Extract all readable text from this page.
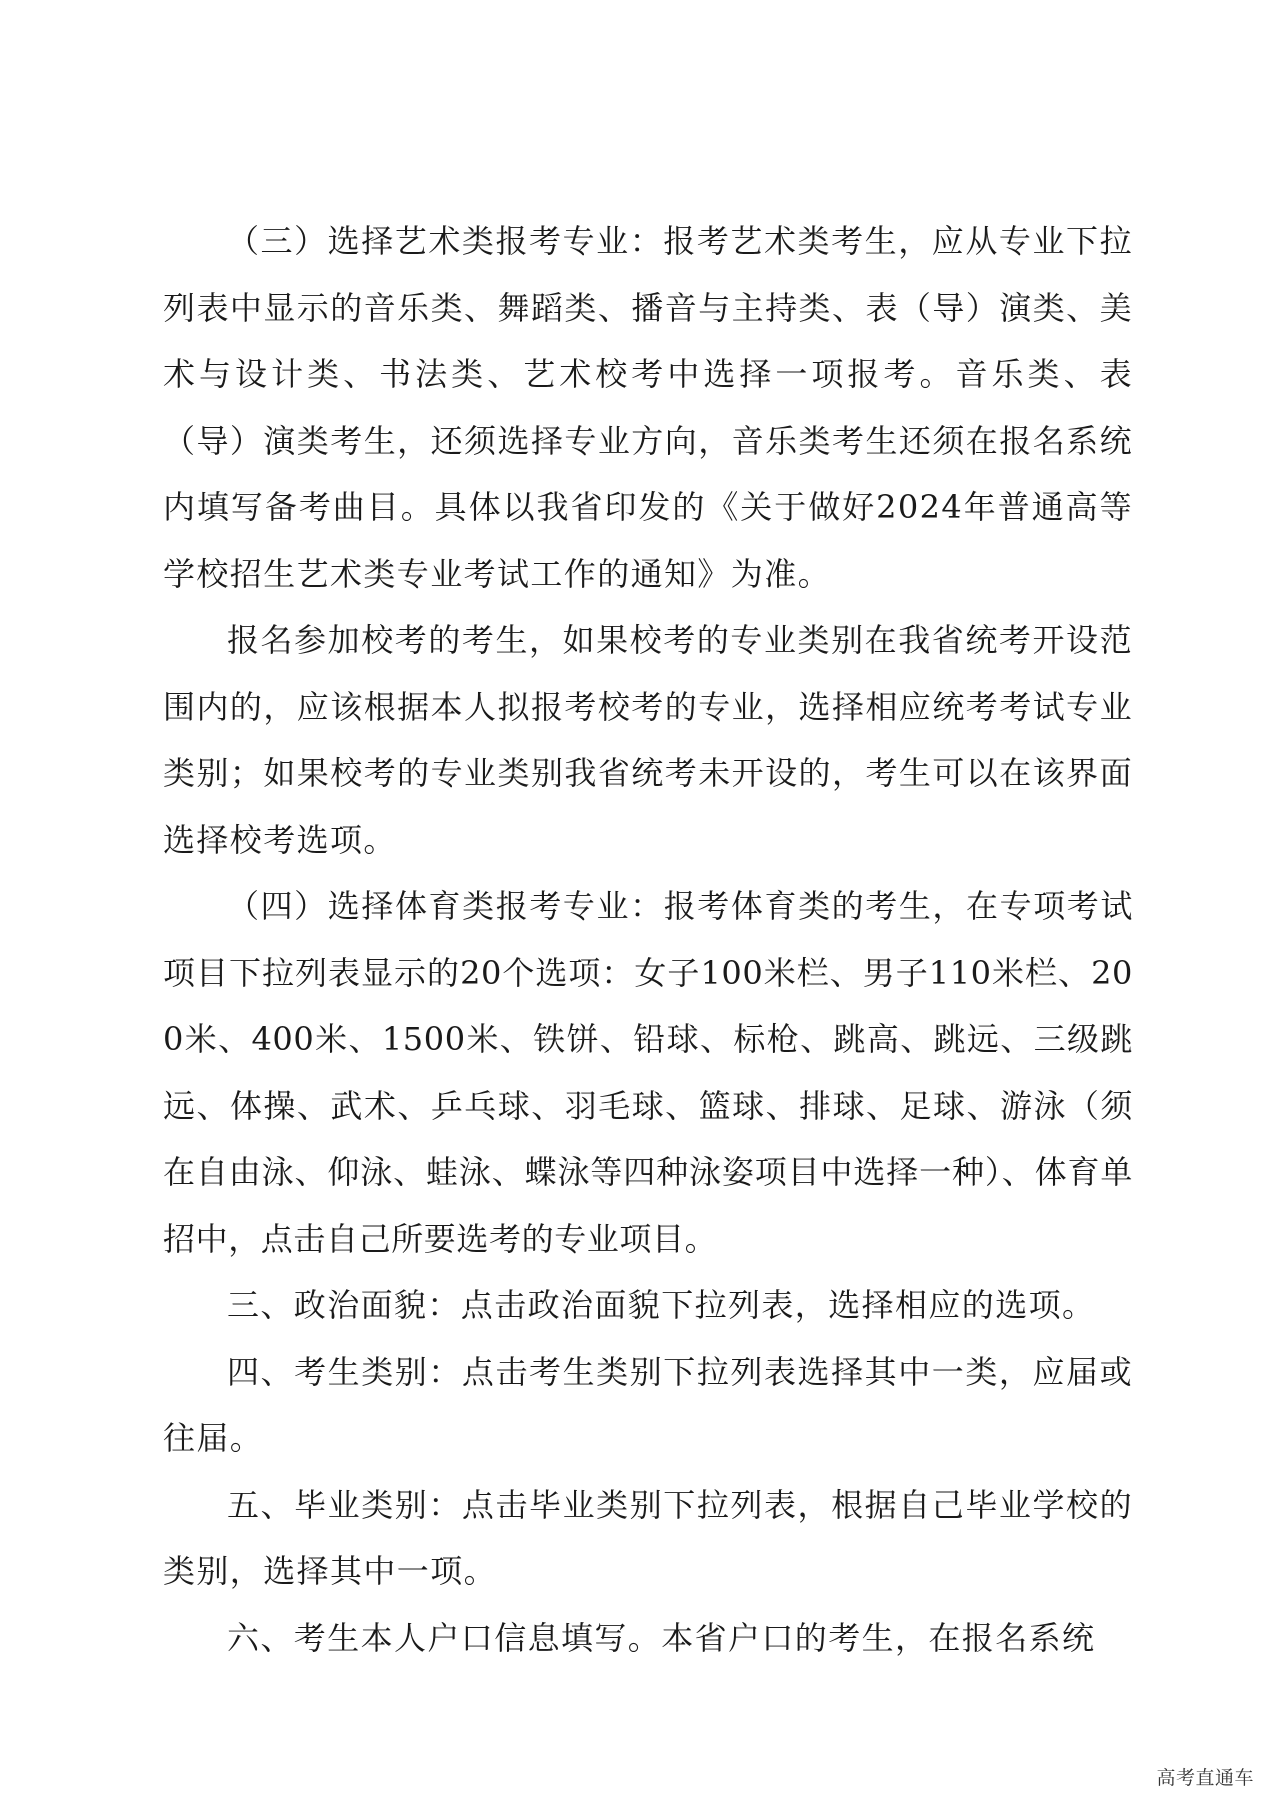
（三）选择艺术类报考专业：报考艺术类考生，应从专业下拉列表中显示的音乐类、舞蹈类、播音与主持类、表（导）演类、美术与设计类、书法类、艺术校考中选择一项报考。音乐类、表（导）演类考生，还须选择专业方向，音乐类考生还须在报名系统内填写备考曲目。具体以我省印发的《关于做好2024年普通高等学校招生艺术类专业考试工作的通知》为准。

报名参加校考的考生，如果校考的专业类别在我省统考开设范围内的，应该根据本人拟报考校考的专业，选择相应统考考试专业类别；如果校考的专业类别我省统考未开设的，考生可以在该界面选择校考选项。

（四）选择体育类报考专业：报考体育类的考生，在专项考试项目下拉列表显示的20个选项：女子100米栏、男子110米栏、200米、400米、1500米、铁饼、铅球、标枪、跳高、跳远、三级跳远、体操、武术、乒乓球、羽毛球、篮球、排球、足球、游泳（须在自由泳、仰泳、蛙泳、蝶泳等四种泳姿项目中选择一种）、体育单招中，点击自己所要选考的专业项目。

三、政治面貌：点击政治面貌下拉列表，选择相应的选项。

四、考生类别：点击考生类别下拉列表选择其中一类，应届或往届。

五、毕业类别：点击毕业类别下拉列表，根据自己毕业学校的类别，选择其中一项。

六、考生本人户口信息填写。本省户口的考生，在报名系统

高考直通车
